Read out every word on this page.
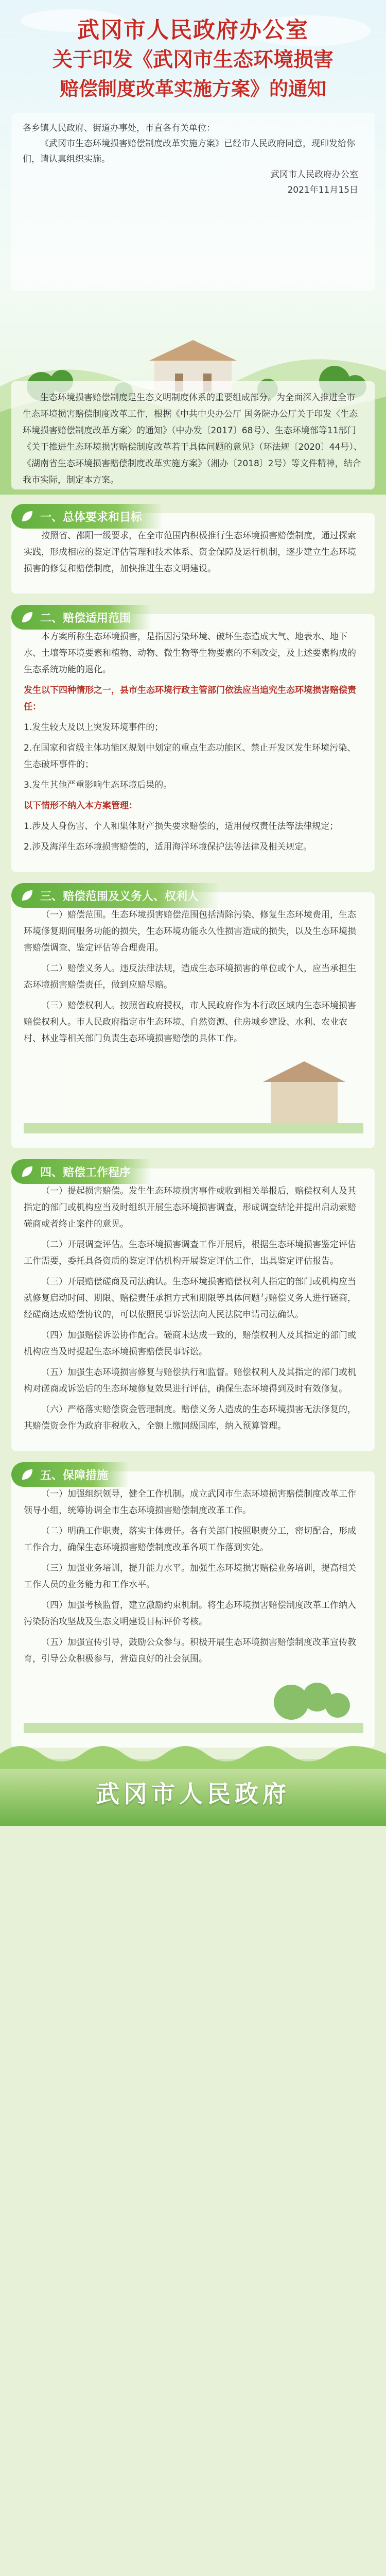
武冈市人民政府办公室
关于印发《武冈市生态环境损害
赔偿制度改革实施方案》的通知
各乡镇人民政府、街道办事处，市直各有关单位：
《武冈市生态环境损害赔偿制度改革实施方案》已经市人民政府同意，现印发给你们，请认真组织实施。
武冈市人民政府办公室
2021年11月15日
生态环境损害赔偿制度是生态文明制度体系的重要组成部分。为全面深入推进全市生态环境损害赔偿制度改革工作，根据《中共中央办公厅 国务院办公厅关于印发〈生态环境损害赔偿制度改革方案〉的通知》（中办发〔2017〕68号）、生态环境部等11部门《关于推进生态环境损害赔偿制度改革若干具体问题的意见》（环法规〔2020〕44号）、《湖南省生态环境损害赔偿制度改革实施方案》（湘办〔2018〕2号）等文件精神，结合我市实际，制定本方案。
一、总体要求和目标

按照省、邵阳一级要求，在全市范围内积极推行生态环境损害赔偿制度，通过探索实践，形成相应的鉴定评估管理和技术体系、资金保障及运行机制，逐步建立生态环境损害的修复和赔偿制度，加快推进生态文明建设。

二、赔偿适用范围

本方案所称生态环境损害，是指因污染环境、破坏生态造成大气、地表水、地下水、土壤等环境要素和植物、动物、微生物等生物要素的不利改变，及上述要素构成的生态系统功能的退化。

发生以下四种情形之一，县市生态环境行政主管部门依法应当追究生态环境损害赔偿责任：

1.发生较大及以上突发环境事件的；

2.在国家和省级主体功能区规划中划定的重点生态功能区、禁止开发区发生环境污染、生态破坏事件的；

3.发生其他严重影响生态环境后果的。

以下情形不纳入本方案管理：

1.涉及人身伤害、个人和集体财产损失要求赔偿的，适用侵权责任法等法律规定；

2.涉及海洋生态环境损害赔偿的，适用海洋环境保护法等法律及相关规定。

三、赔偿范围及义务人、权利人

（一）赔偿范围。生态环境损害赔偿范围包括清除污染、修复生态环境费用，生态环境修复期间服务功能的损失，生态环境功能永久性损害造成的损失，以及生态环境损害赔偿调查、鉴定评估等合理费用。

（二）赔偿义务人。违反法律法规，造成生态环境损害的单位或个人，应当承担生态环境损害赔偿责任，做到应赔尽赔。

（三）赔偿权利人。按照省政府授权，市人民政府作为本行政区域内生态环境损害赔偿权利人。市人民政府指定市生态环境、自然资源、住房城乡建设、水利、农业农村、林业等相关部门负责生态环境损害赔偿的具体工作。

四、赔偿工作程序

（一）提起损害赔偿。发生生态环境损害事件或收到相关举报后，赔偿权利人及其指定的部门或机构应当及时组织开展生态环境损害调查，形成调查结论并提出启动索赔磋商或者终止案件的意见。

（二）开展调查评估。生态环境损害调查工作开展后，根据生态环境损害鉴定评估工作需要，委托具备资质的鉴定评估机构开展鉴定评估工作，出具鉴定评估报告。

（三）开展赔偿磋商及司法确认。生态环境损害赔偿权利人指定的部门或机构应当就修复启动时间、期限、赔偿责任承担方式和期限等具体问题与赔偿义务人进行磋商，经磋商达成赔偿协议的，可以依照民事诉讼法向人民法院申请司法确认。

（四）加强赔偿诉讼协作配合。磋商未达成一致的，赔偿权利人及其指定的部门或机构应当及时提起生态环境损害赔偿民事诉讼。

（五）加强生态环境损害修复与赔偿执行和监督。赔偿权利人及其指定的部门或机构对磋商或诉讼后的生态环境修复效果进行评估，确保生态环境得到及时有效修复。

（六）严格落实赔偿资金管理制度。赔偿义务人造成的生态环境损害无法修复的，其赔偿资金作为政府非税收入，全额上缴同级国库，纳入预算管理。

五、保障措施

（一）加强组织领导，健全工作机制。成立武冈市生态环境损害赔偿制度改革工作领导小组，统筹协调全市生态环境损害赔偿制度改革工作。

（二）明确工作职责，落实主体责任。各有关部门按照职责分工，密切配合，形成工作合力，确保生态环境损害赔偿制度改革各项工作落到实处。

（三）加强业务培训，提升能力水平。加强生态环境损害赔偿业务培训，提高相关工作人员的业务能力和工作水平。

（四）加强考核监督，建立激励约束机制。将生态环境损害赔偿制度改革工作纳入污染防治攻坚战及生态文明建设目标评价考核。

（五）加强宣传引导，鼓励公众参与。积极开展生态环境损害赔偿制度改革宣传教育，引导公众积极参与，营造良好的社会氛围。

武冈市人民政府
